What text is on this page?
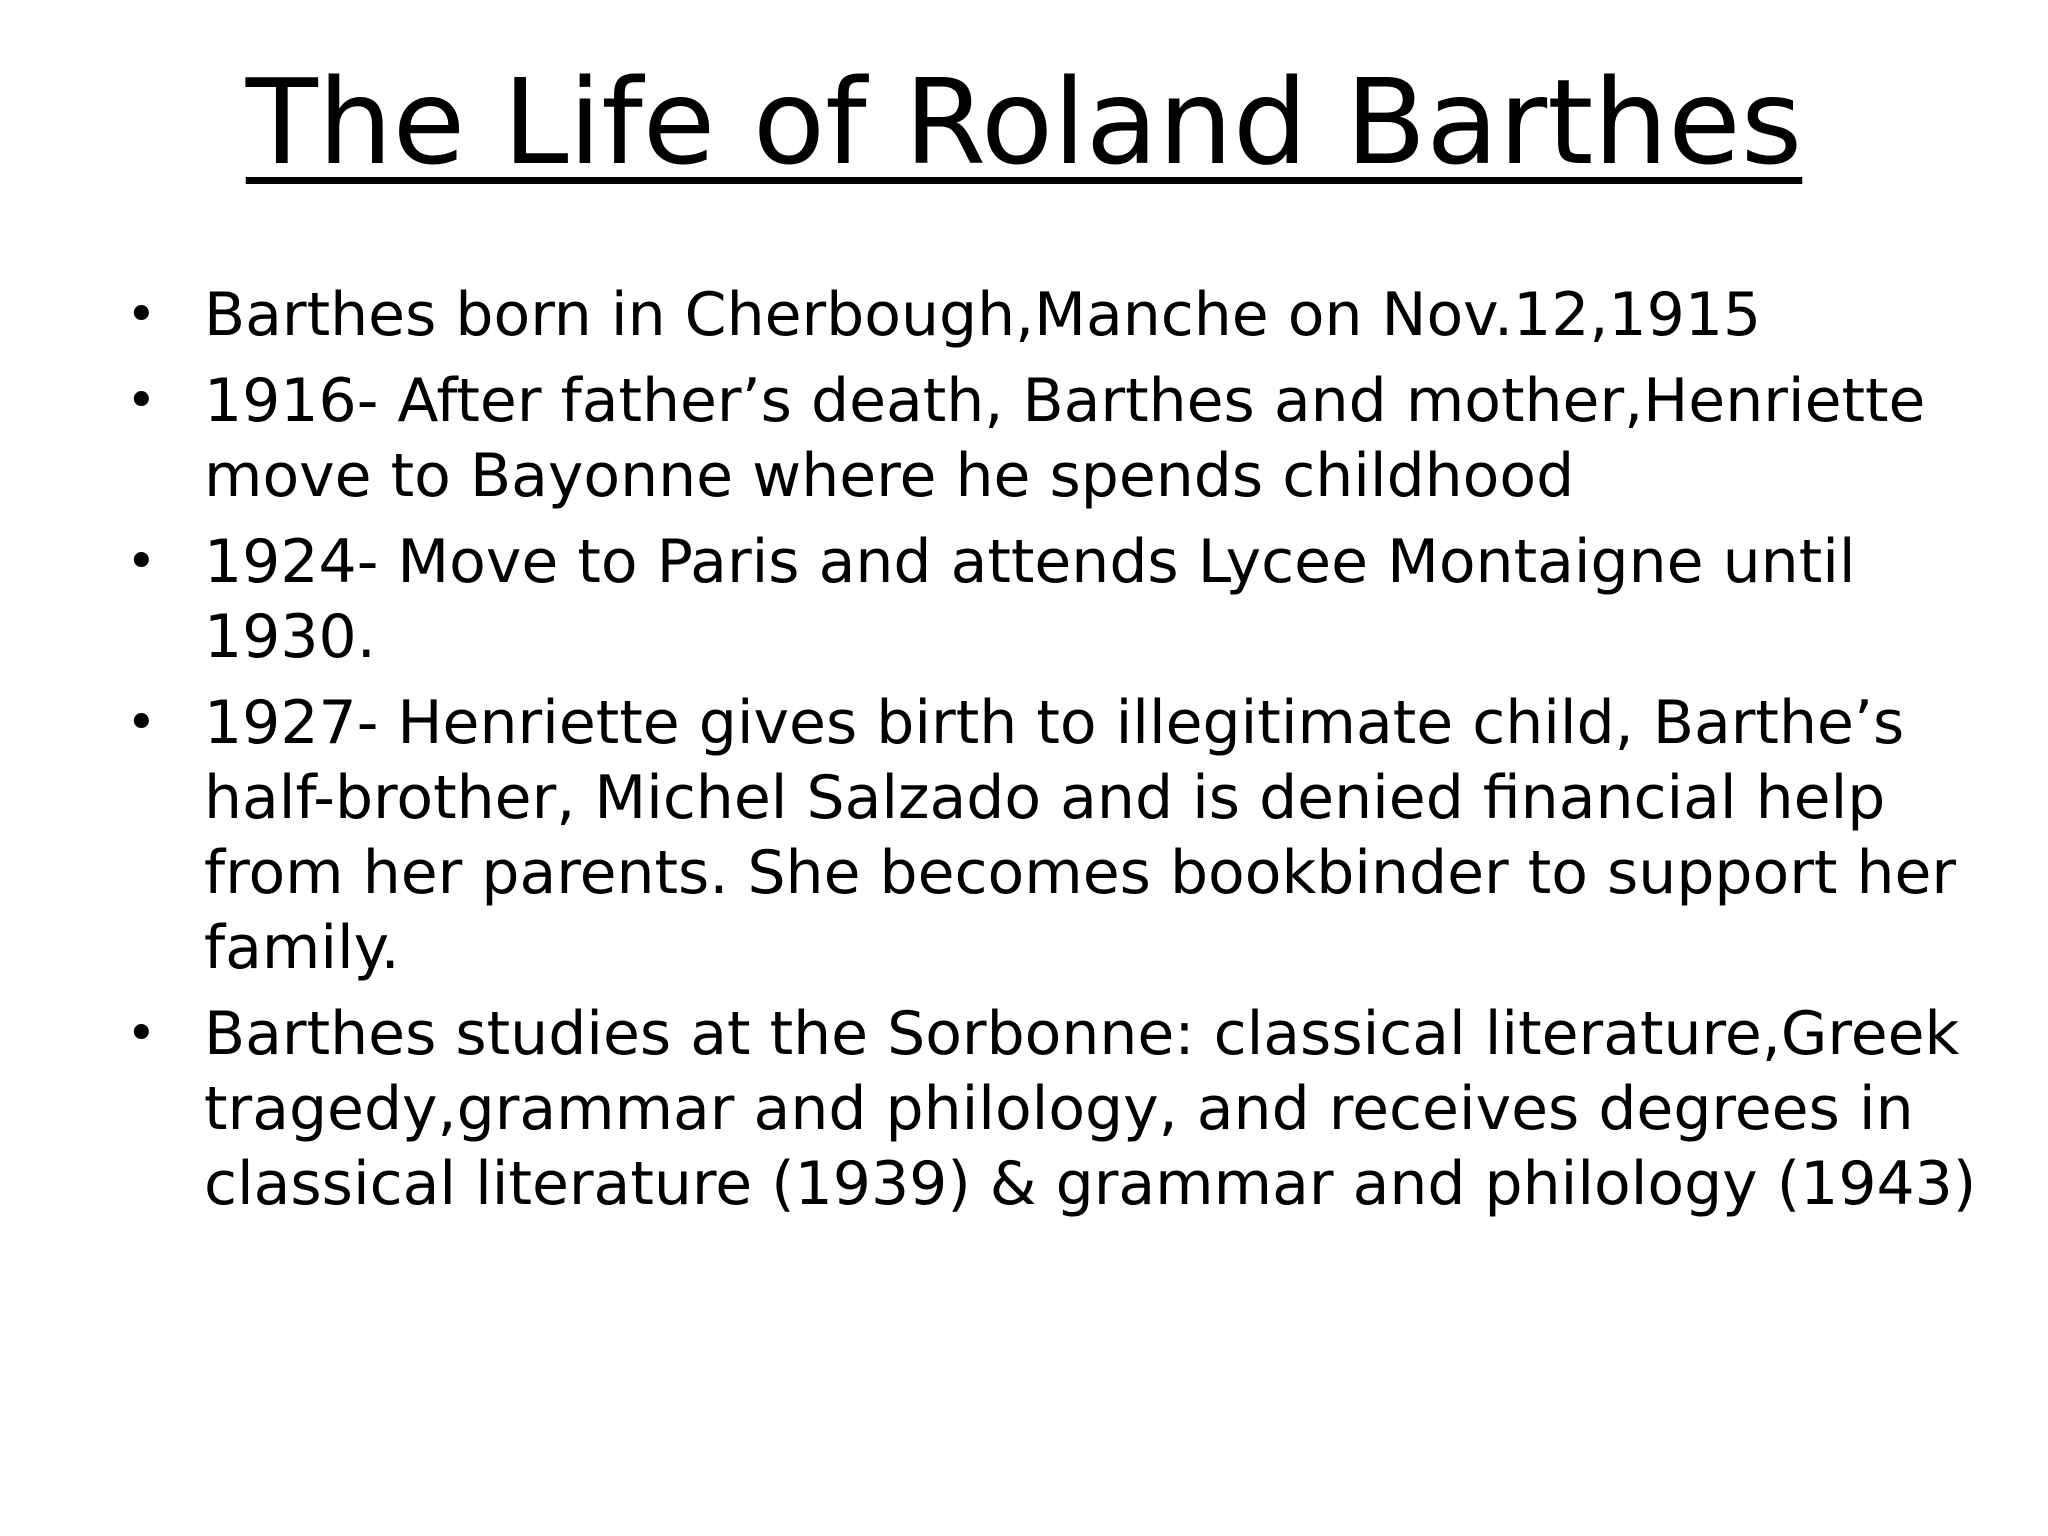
The Life of Roland Barthes
• Barthes born in Cherbough,Manche on Nov.12,1915
• 1916- After father’s death, Barthes and mother,Henriette move to Bayonne where he spends childhood
• 1924- Move to Paris and attends Lycee Montaigne until 1930.
• 1927- Henriette gives birth to illegitimate child, Barthe’s half-brother, Michel Salzado and is denied financial help from her parents. She becomes bookbinder to support her family.
• Barthes studies at the Sorbonne: classical literature,Greek tragedy,grammar and philology, and receives degrees in classical literature (1939) & grammar and philology (1943)
